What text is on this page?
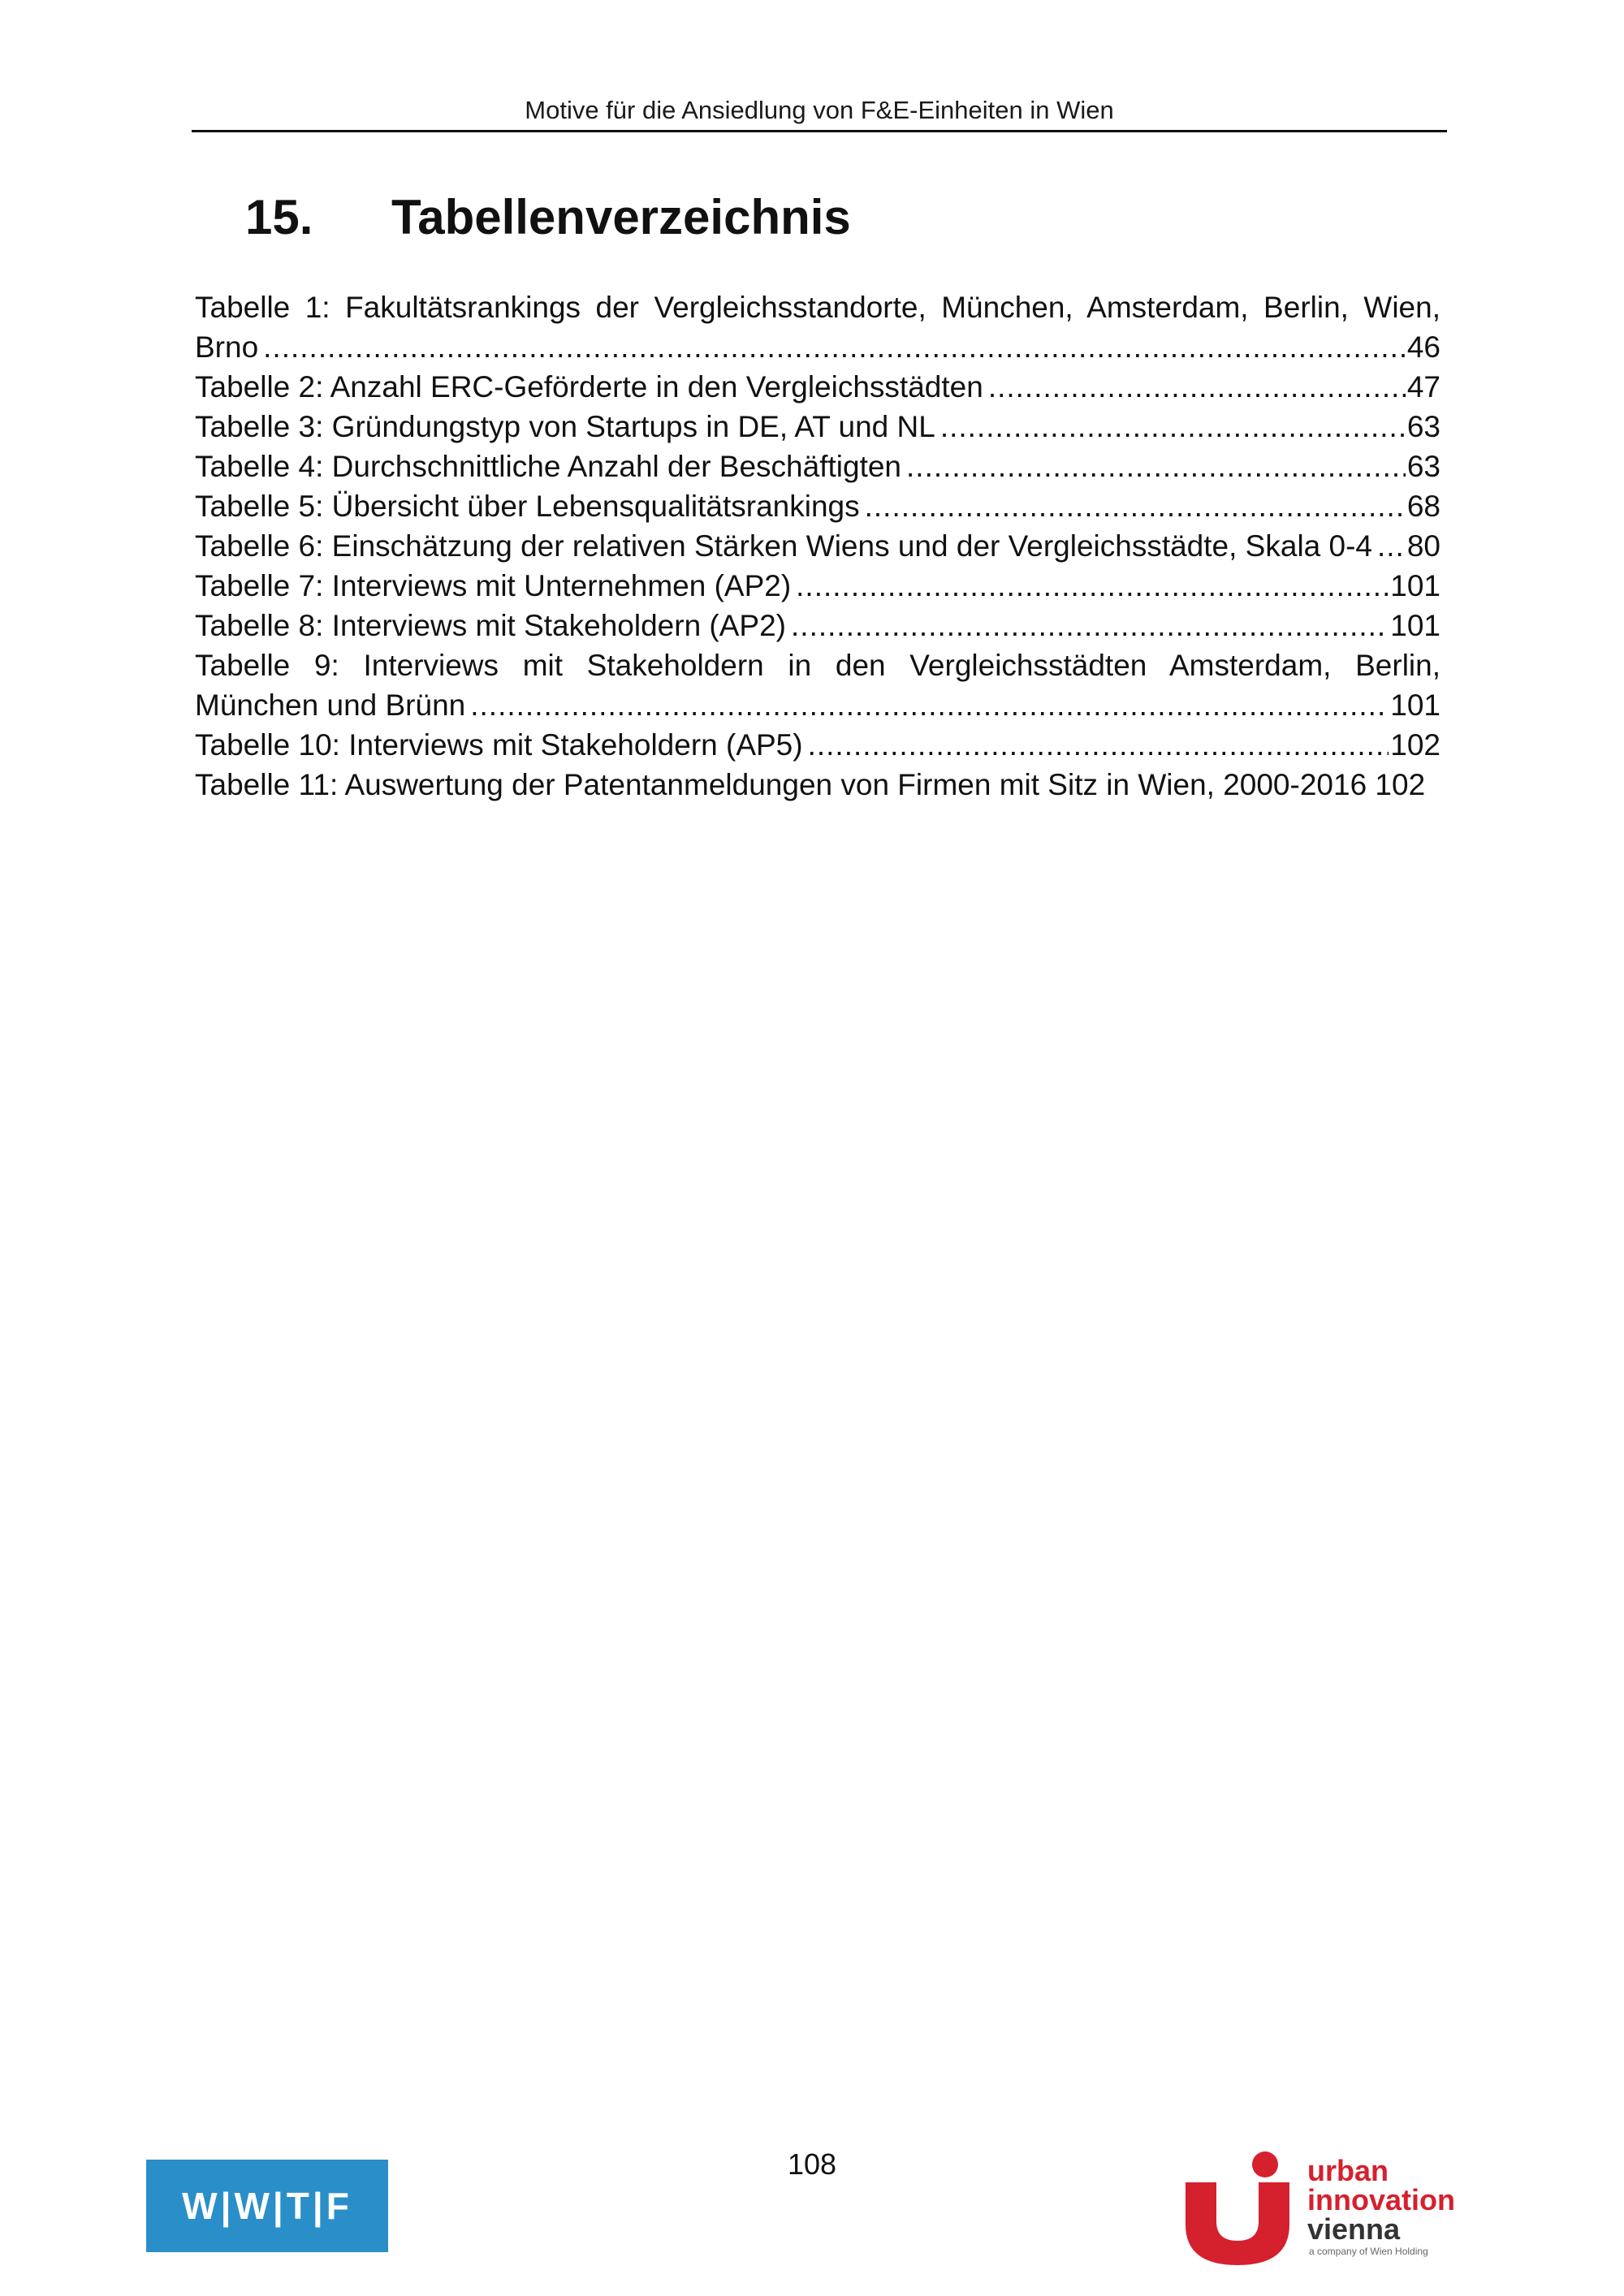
Motive für die Ansiedlung von F&E-Einheiten in Wien
15. Tabellenverzeichnis
Tabelle 1: Fakultätsrankings der Vergleichsstandorte, München, Amsterdam, Berlin, Wien,
Brno .....	46
Tabelle 2: Anzahl ERC-Geförderte in den Vergleichsstädten .....	47
Tabelle 3: Gründungstyp von Startups in DE, AT und NL .....	63
Tabelle 4: Durchschnittliche Anzahl der Beschäftigten .....	63
Tabelle 5: Übersicht über Lebensqualitätsrankings .....	68
Tabelle 6: Einschätzung der relativen Stärken Wiens und der Vergleichsstädte, Skala 0-4 ..... 80
Tabelle 7: Interviews mit Unternehmen (AP2) .....	101
Tabelle 8: Interviews mit Stakeholdern (AP2) .....	101
Tabelle 9: Interviews mit Stakeholdern in den Vergleichsstädten Amsterdam, Berlin,
München und Brünn .....	101
Tabelle 10: Interviews mit Stakeholdern (AP5) .....	102
Tabelle 11: Auswertung der Patentanmeldungen von Firmen mit Sitz in Wien, 2000-2016 102
108
W|W|T|F
urban
innovation
vienna
a company of Wien Holding
